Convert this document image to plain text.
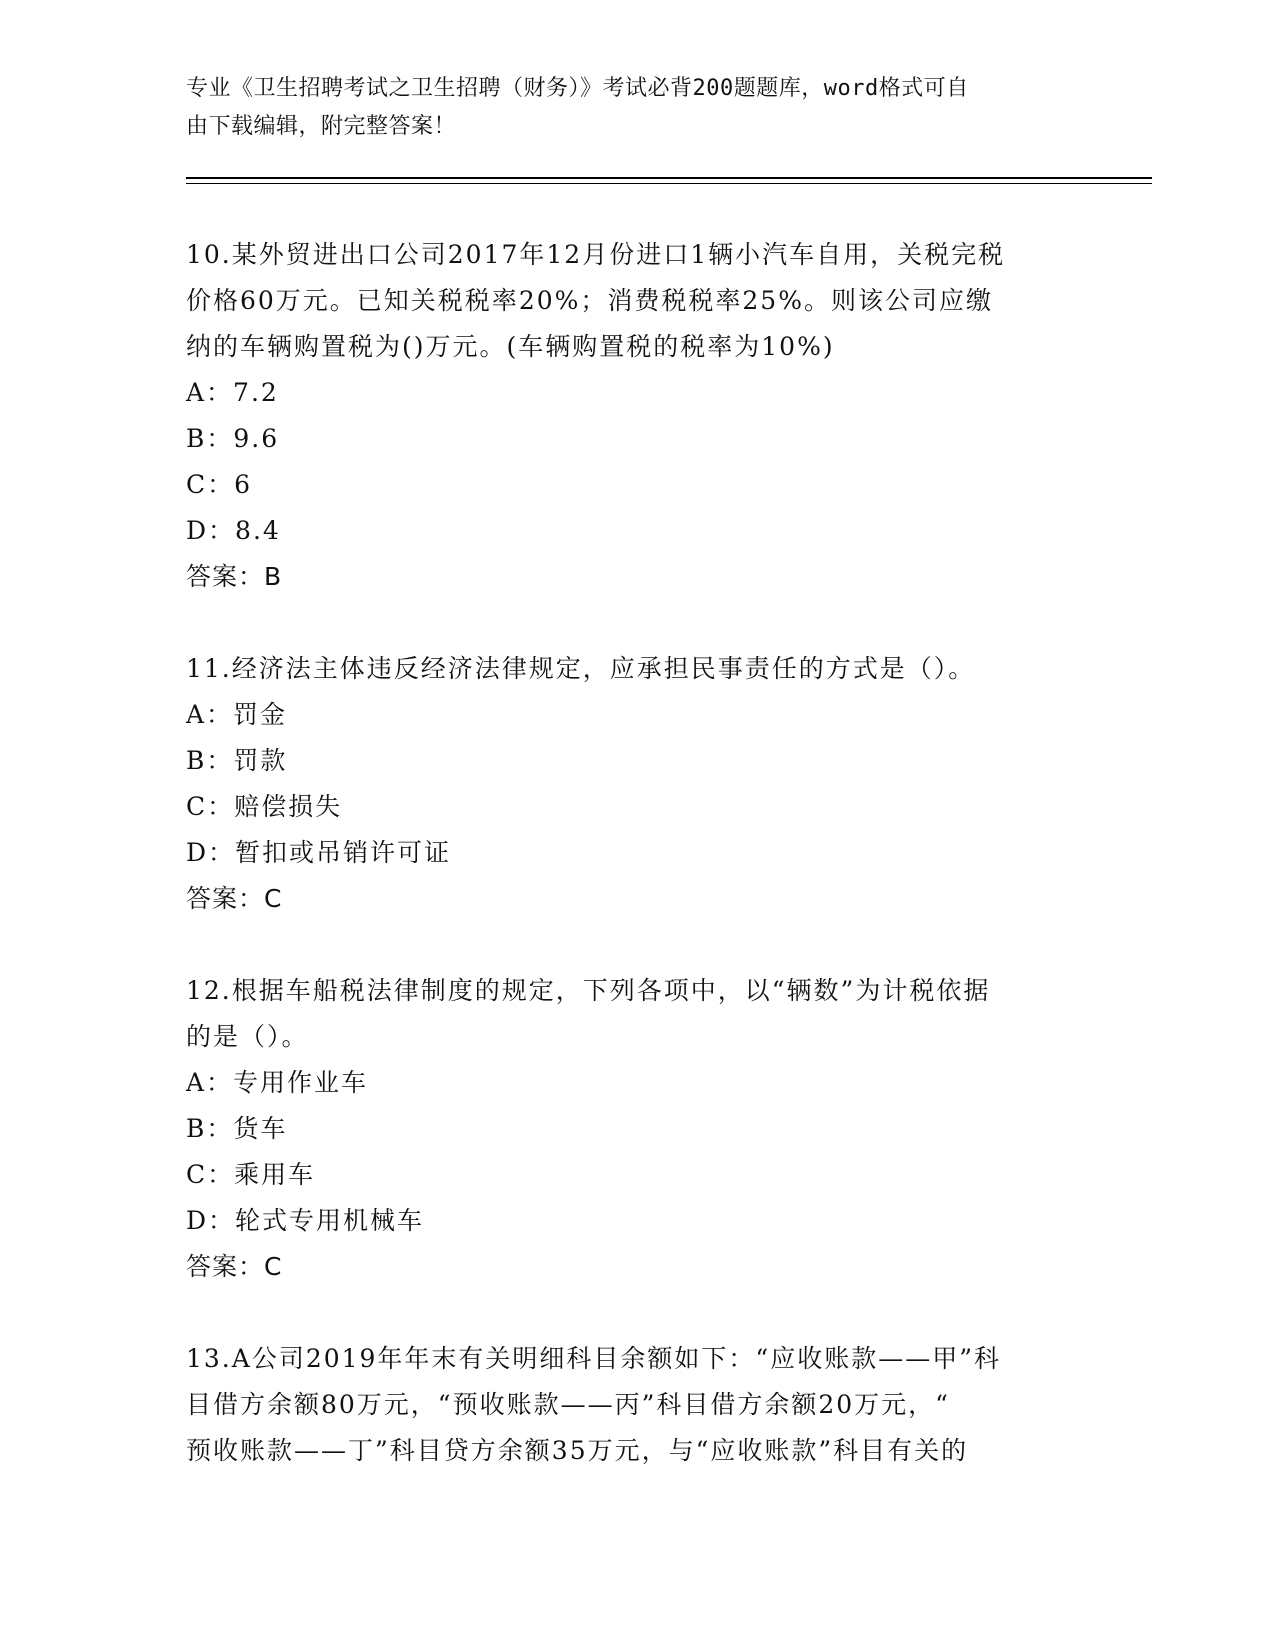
专业《卫生招聘考试之卫生招聘（财务）》考试必背200题题库，word格式可自
由下载编辑，附完整答案！

10.某外贸进出口公司2017年12月份进口1辆小汽车自用，关税完税

价格60万元。已知关税税率20%；消费税税率25%。则该公司应缴

纳的车辆购置税为()万元。(车辆购置税的税率为10%)

A：7.2

B：9.6

C：6

D：8.4

答案：B

11.经济法主体违反经济法律规定，应承担民事责任的方式是（）。

A：罚金

B：罚款

C：赔偿损失

D：暂扣或吊销许可证

答案：C

12.根据车船税法律制度的规定，下列各项中，以“辆数”为计税依据

的是（）。

A：专用作业车

B：货车

C：乘用车

D：轮式专用机械车

答案：C

13.A公司2019年年末有关明细科目余额如下：“应收账款——甲”科

目借方余额80万元，“预收账款——丙”科目借方余额20万元，“

预收账款——丁”科目贷方余额35万元，与“应收账款”科目有关的
